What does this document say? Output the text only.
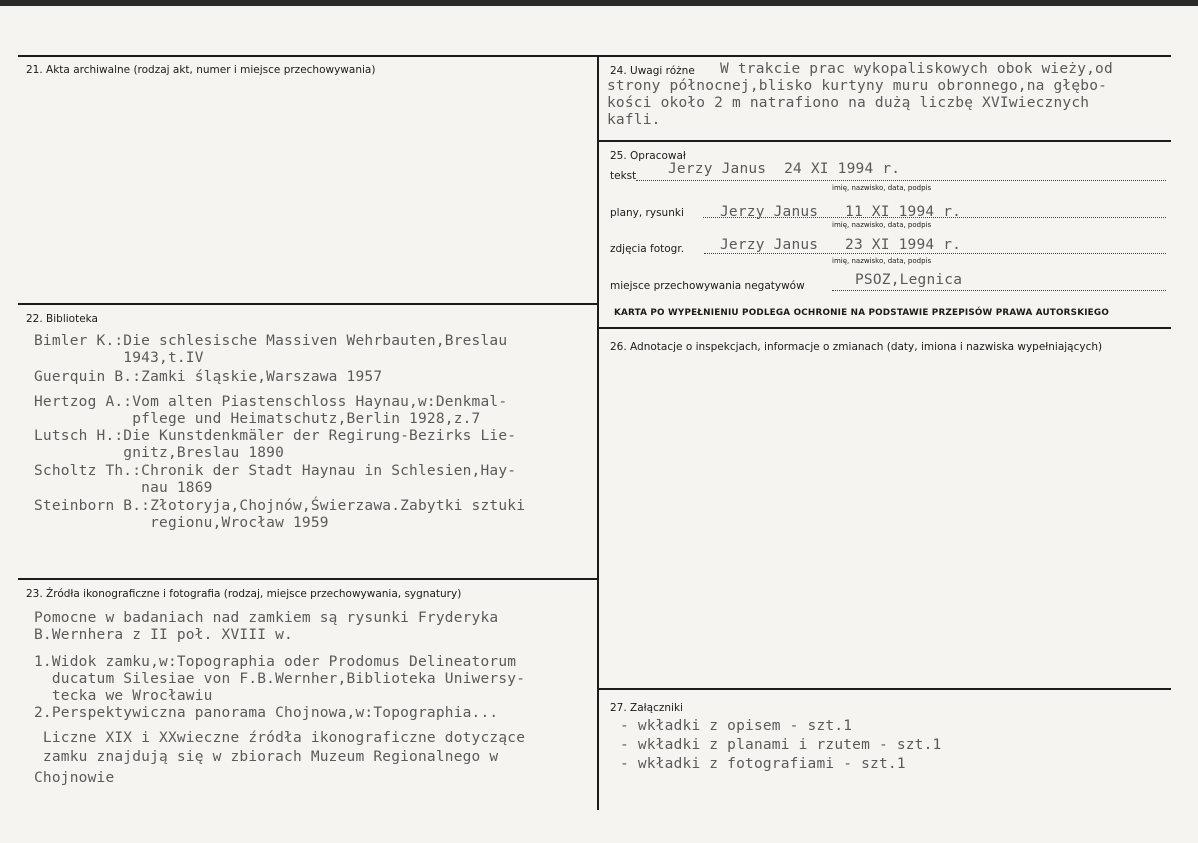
21. Akta archiwalne (rodzaj akt, numer i miejsce przechowywania)
22. Biblioteka
Bimler K.:Die schlesische Massiven Wehrbauten,Breslau
1943,t.IV
Guerquin B.:Zamki śląskie,Warszawa 1957
Hertzog A.:Vom alten Piastenschloss Haynau,w:Denkmal-
pflege und Heimatschutz,Berlin 1928,z.7
Lutsch H.:Die Kunstdenkmäler der Regirung-Bezirks Lie-
gnitz,Breslau 1890
Scholtz Th.:Chronik der Stadt Haynau in Schlesien,Hay-
nau 1869
Steinborn B.:Złotoryja,Chojnów,Świerzawa.Zabytki sztuki
regionu,Wrocław 1959
23. Źródła ikonograficzne i fotografia (rodzaj, miejsce przechowywania, sygnatury)
Pomocne w badaniach nad zamkiem są rysunki Fryderyka
B.Wernhera z II poł. XVIII w.
1.Widok zamku,w:Topographia oder Prodomus Delineatorum
ducatum Silesiae von F.B.Wernher,Biblioteka Uniwersy-
tecka we Wrocławiu
2.Perspektywiczna panorama Chojnowa,w:Topographia...
Liczne XIX i XXwieczne źródła ikonograficzne dotyczące
zamku znajdują się w zbiorach Muzeum Regionalnego w
Chojnowie
24. Uwagi różne W trakcie prac wykopaliskowych obok wieży,od
strony północnej,blisko kurtyny muru obronnego,na głębo-
kości około 2 m natrafiono na dużą liczbę XVIwiecznych
kafli.
25. Opracował
tekst Jerzy Janus  24 XI 1994 r.
imię, nazwisko, data, podpis
plany, rysunki Jerzy Janus   11 XI 1994 r.
imię, nazwisko, data, podpis
zdjęcia fotogr. Jerzy Janus   23 XI 1994 r.
imię, nazwisko, data, podpis
miejsce przechowywania negatywów	PSOZ,Legnica
KARTA PO WYPEŁNIENIU PODLEGA OCHRONIE NA PODSTAWIE PRZEPISÓW PRAWA AUTORSKIEGO
26. Adnotacje o inspekcjach, informacje o zmianach (daty, imiona i nazwiska wypełniających)
27. Załączniki
- wkładki z opisem - szt.1
- wkładki z planami i rzutem - szt.1
- wkładki z fotografiami - szt.1
